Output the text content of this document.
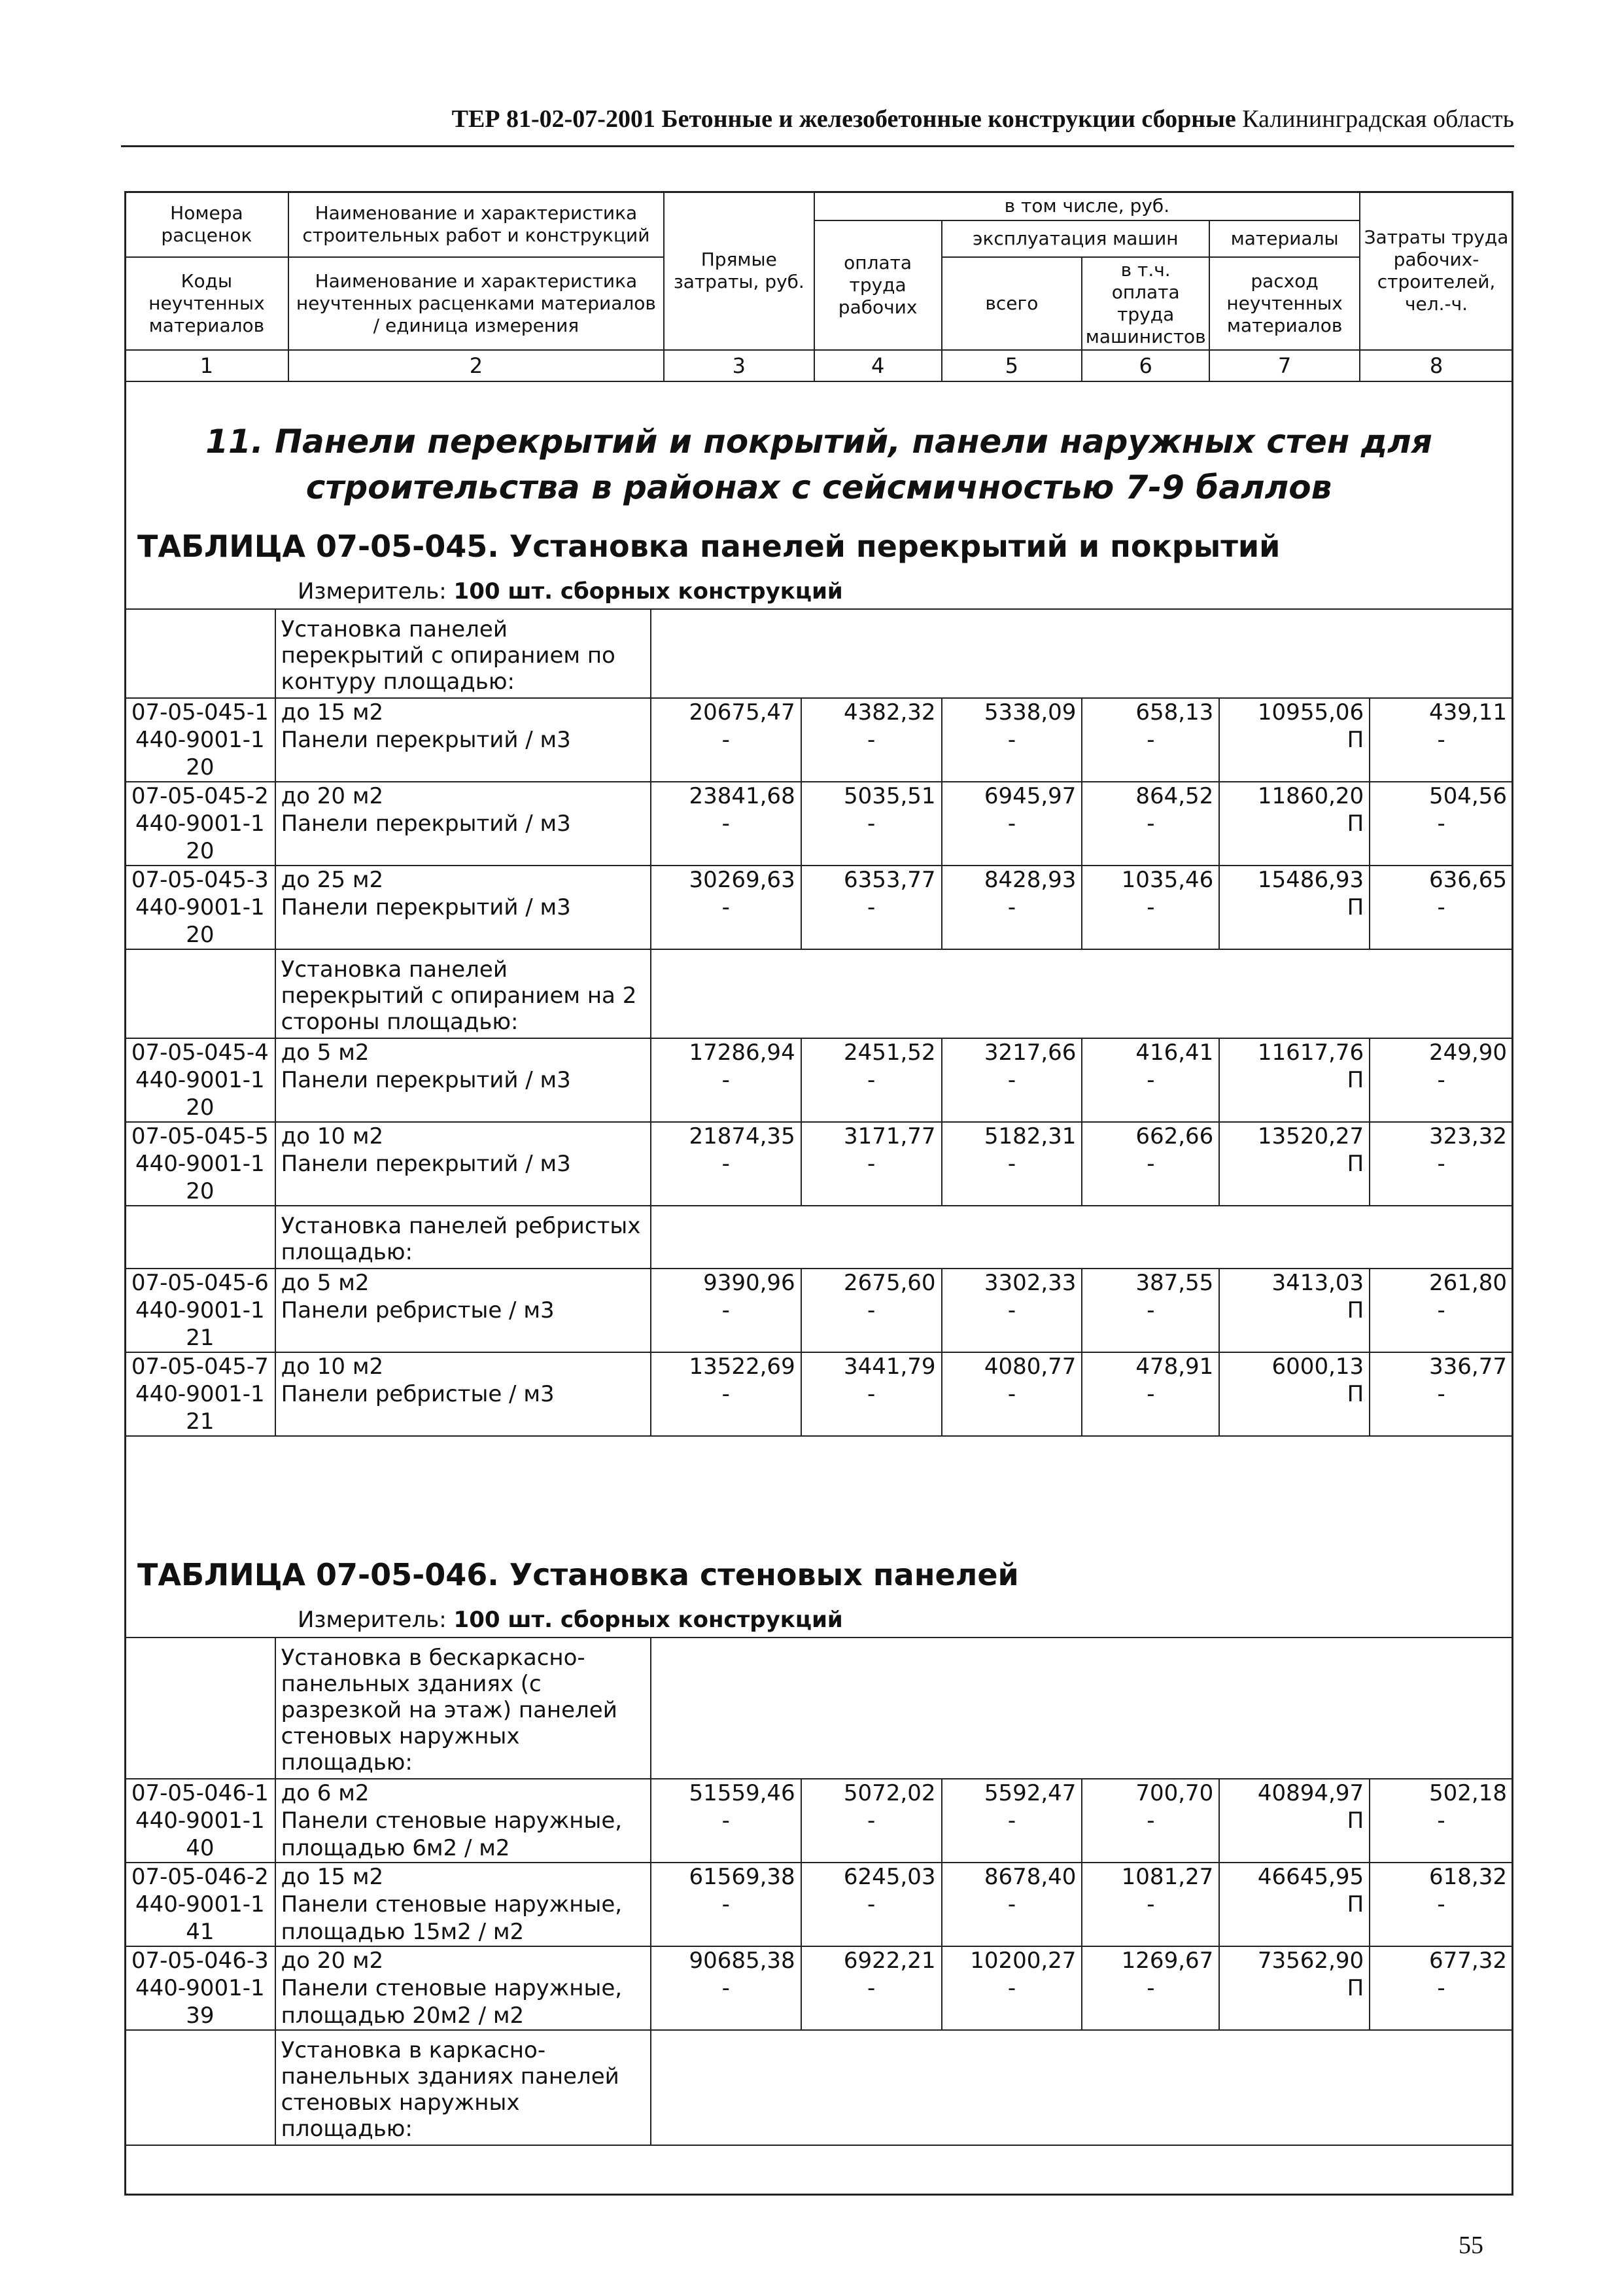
ТЕР 81-02-07-2001 Бетонные и железобетонные конструкции сборные Калининградская область
Номера расценок	Наименование и характеристика строительных работ и конструкций	Прямые затраты, руб.	в том числе, руб.				Затраты труда рабочих-строителей, чел.-ч.
			оплата труда рабочих	эксплуатация машин		материалы	
Коды неучтенных материалов	Наименование и характеристика неучтенных расценками материалов / единица измерения			всего	в т.ч. оплата труда машинистов	расход неучтенных материалов	

1	2	3	4	5	6	7	8
11. Панели перекрытий и покрытий, панели наружных стен для строительства в районах с сейсмичностью 7-9 баллов
ТАБЛИЦА 07-05-045. Установка панелей перекрытий и покрытий
Измеритель: 100 шт. сборных конструкций
	Установка панелей перекрытий с опиранием по контуру площадью:						
07-05-045-1	до 15 м2	20675,47	4382,32	5338,09	658,13	10955,06	439,11
440-9001-120	Панели перекрытий / м3	-	-	-	-	П	-
07-05-045-2	до 20 м2	23841,68	5035,51	6945,97	864,52	11860,20	504,56
440-9001-120	Панели перекрытий / м3	-	-	-	-	П	-
07-05-045-3	до 25 м2	30269,63	6353,77	8428,93	1035,46	15486,93	636,65
440-9001-120	Панели перекрытий / м3	-	-	-	-	П	-
	Установка панелей перекрытий с опиранием на 2 стороны площадью:						
07-05-045-4	до 5 м2	17286,94	2451,52	3217,66	416,41	11617,76	249,90
440-9001-120	Панели перекрытий / м3	-	-	-	-	П	-
07-05-045-5	до 10 м2	21874,35	3171,77	5182,31	662,66	13520,27	323,32
440-9001-120	Панели перекрытий / м3	-	-	-	-	П	-
	Установка панелей ребристых площадью:						
07-05-045-6	до 5 м2	9390,96	2675,60	3302,33	387,55	3413,03	261,80
440-9001-121	Панели ребристые / м3	-	-	-	-	П	-
07-05-045-7	до 10 м2	13522,69	3441,79	4080,77	478,91	6000,13	336,77
440-9001-121	Панели ребристые / м3	-	-	-	-	П	-
ТАБЛИЦА 07-05-046. Установка стеновых панелей
Измеритель: 100 шт. сборных конструкций
	Установка в бескаркасно-панельных зданиях (с разрезкой на этаж) панелей стеновых наружных площадью:						
07-05-046-1	до 6 м2	51559,46	5072,02	5592,47	700,70	40894,97	502,18
440-9001-140	Панели стеновые наружные, площадью 6м2 / м2	-	-	-	-	П	-
07-05-046-2	до 15 м2	61569,38	6245,03	8678,40	1081,27	46645,95	618,32
440-9001-141	Панели стеновые наружные, площадью 15м2 / м2	-	-	-	-	П	-
07-05-046-3	до 20 м2	90685,38	6922,21	10200,27	1269,67	73562,90	677,32
440-9001-139	Панели стеновые наружные, площадью 20м2 / м2	-	-	-	-	П	-
	Установка в каркасно-панельных зданиях панелей стеновых наружных площадью:						
55
